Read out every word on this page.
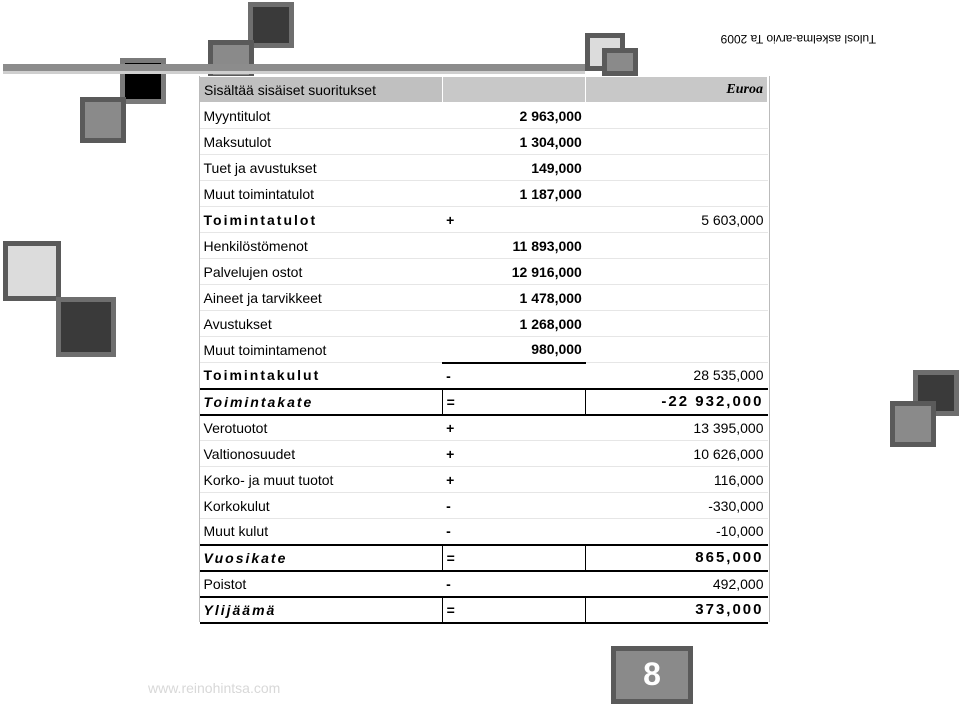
Tulosl askelma-arvio Ta 2009
Sisältää sisäiset suoritukset		Euroa
Myyntitulot	2 963,000	
Maksutulot	1 304,000	
Tuet ja avustukset	149,000	
Muut toimintatulot	1 187,000	
Toimintatulot	+	5 603,000
Henkilöstömenot	11 893,000	
Palvelujen ostot	12 916,000	
Aineet ja tarvikkeet	1 478,000	
Avustukset	1 268,000	
Muut toimintamenot	980,000	
Toimintakulut	-	28 535,000
Toimintakate	=	-22 932,000
Verotuotot	+	13 395,000
Valtionosuudet	+	10 626,000
Korko- ja muut tuotot	+	116,000
Korkokulut	-	-330,000
Muut kulut	-	-10,000
Vuosikate	=	865,000
Poistot	-	492,000
Ylijäämä	=	373,000
www.reinohintsa.com	8
